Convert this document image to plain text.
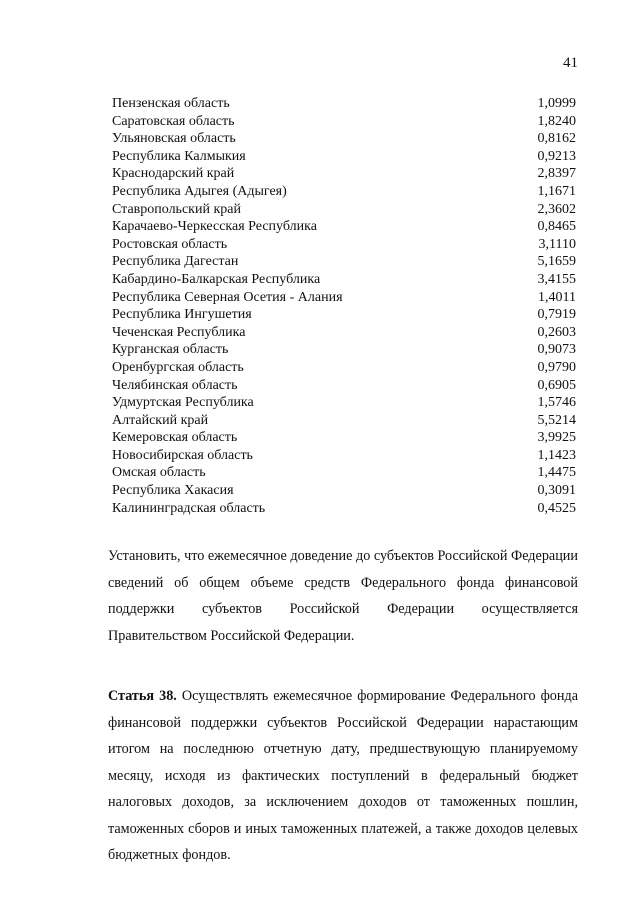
41
Пензенская область	1,0999
Саратовская область	1,8240
Ульяновская область	0,8162
Республика Калмыкия	0,9213
Краснодарский край	2,8397
Республика Адыгея (Адыгея)	1,1671
Ставропольский край	2,3602
Карачаево-Черкесская Республика	0,8465
Ростовская область	3,1110
Республика Дагестан	5,1659
Кабардино-Балкарская Республика	3,4155
Республика Северная Осетия - Алания	1,4011
Республика Ингушетия	0,7919
Чеченская Республика	0,2603
Курганская область	0,9073
Оренбургская область	0,9790
Челябинская область	0,6905
Удмуртская Республика	1,5746
Алтайский край	5,5214
Кемеровская область	3,9925
Новосибирская область	1,1423
Омская область	1,4475
Республика Хакасия	0,3091
Калининградская область	0,4525

Установить, что ежемесячное доведение до субъектов Российской Федерации сведений об общем объеме средств Федерального фонда финансовой поддержки субъектов Российской Федерации осуществляется Правительством Российской Федерации.

Статья 38. Осуществлять ежемесячное формирование Федерального фонда финансовой поддержки субъектов Российской Федерации нарастающим итогом на последнюю отчетную дату, предшествующую планируемому месяцу, исходя из фактических поступлений в федеральный бюджет налоговых доходов, за исключением доходов от таможенных пошлин, таможенных сборов и иных таможенных платежей, а также доходов целевых бюджетных фондов.
